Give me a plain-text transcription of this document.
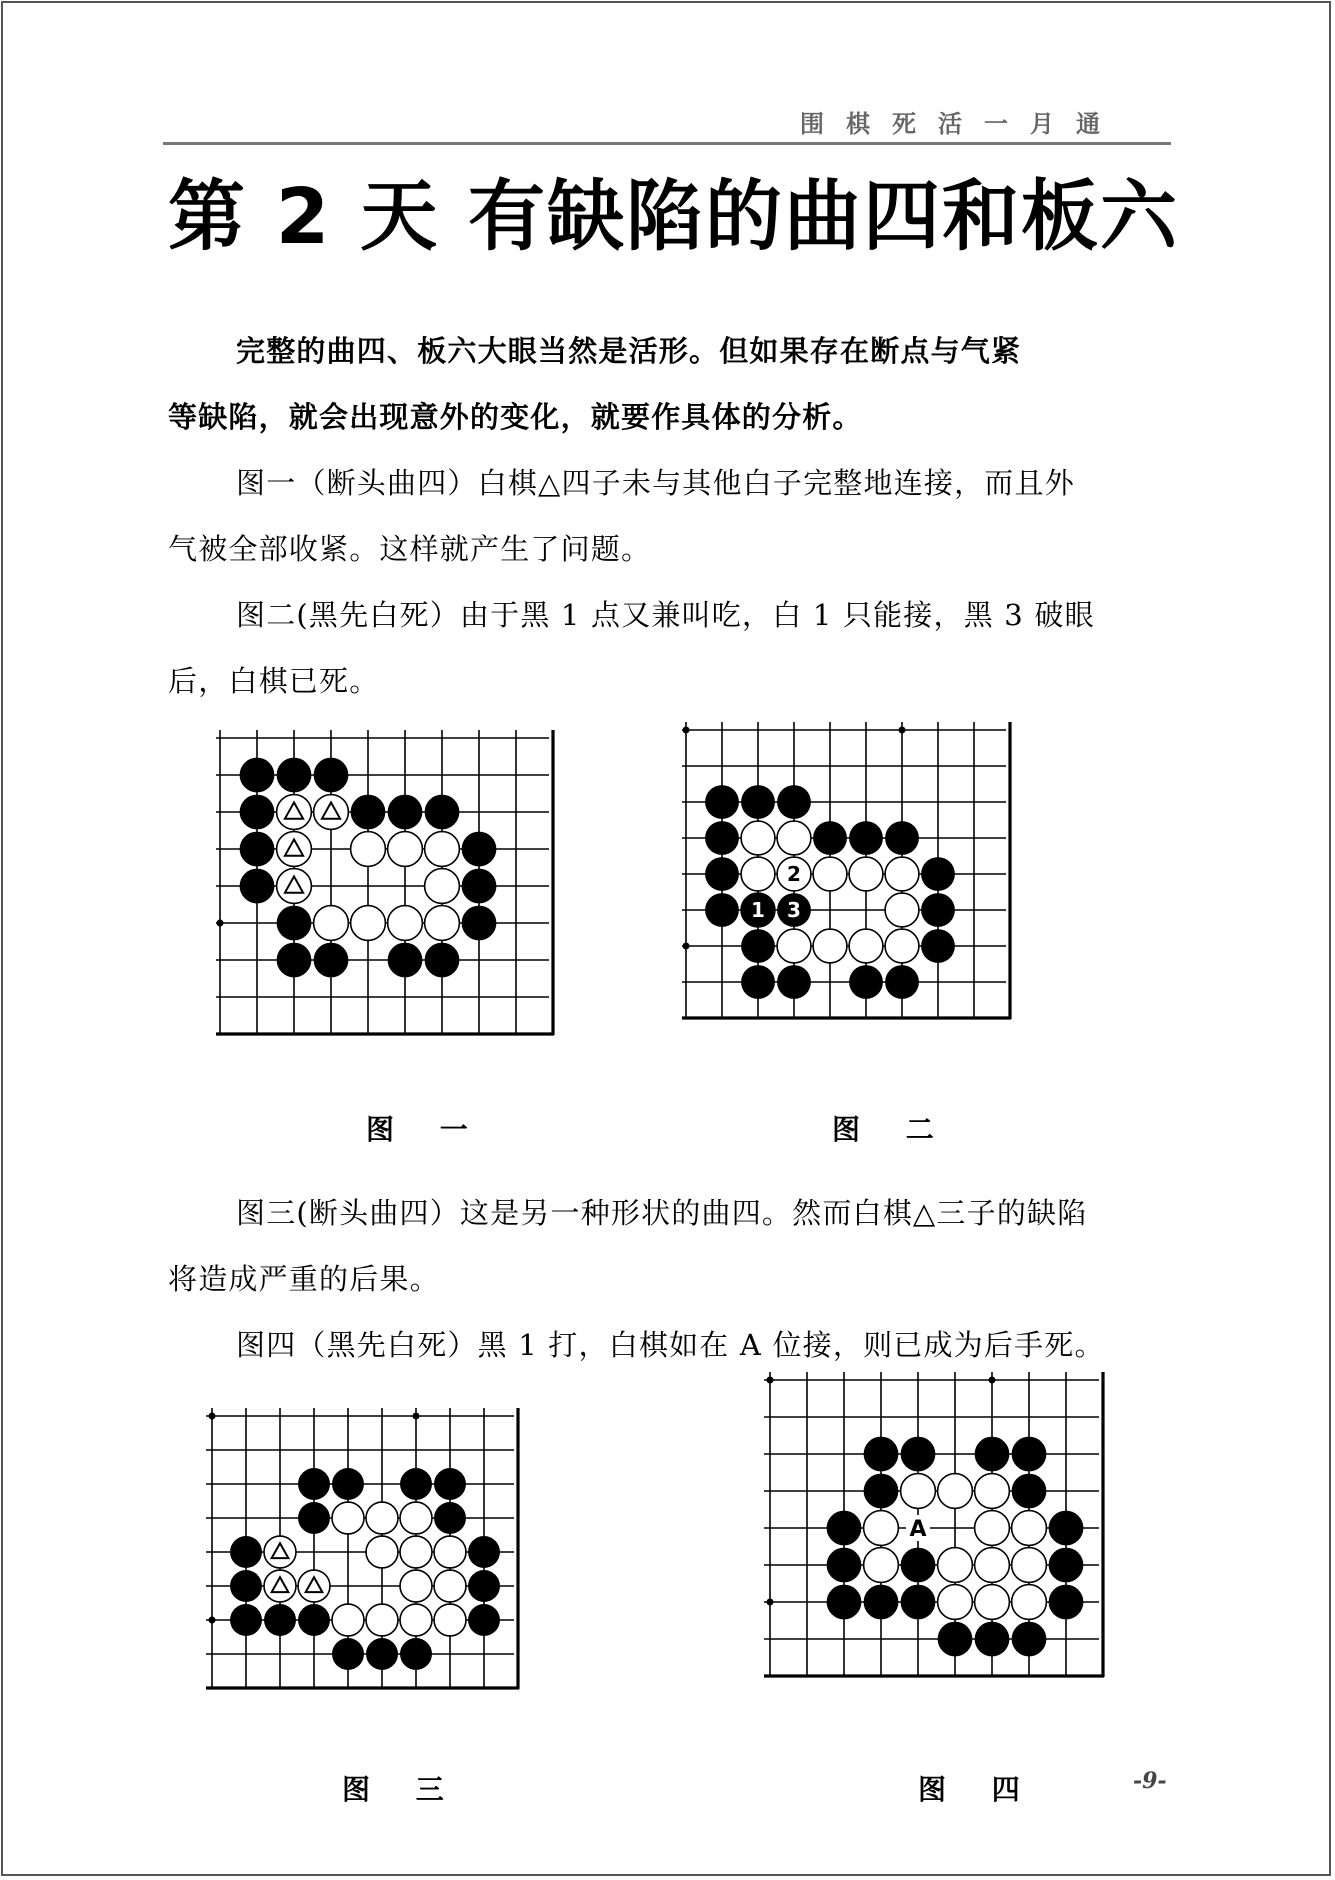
围棋死活一月通
第 2 天 有缺陷的曲四和板六
完整的曲四、板六大眼当然是活形。但如果存在断点与气紧
等缺陷，就会出现意外的变化，就要作具体的分析。
图一（断头曲四）白棋△四子未与其他白子完整地连接，而且外
气被全部收紧。这样就产生了问题。
图二(黑先白死）由于黑 1 点又兼叫吃，白 1 只能接，黑 3 破眼
后，白棋已死。
图 一
2
1 3
图 二
图三(断头曲四）这是另一种形状的曲四。然而白棋△三子的缺陷
将造成严重的后果。
图四（黑先白死）黑 1 打，白棋如在 A 位接，则已成为后手死。
图 三
A
图 四	-9-
